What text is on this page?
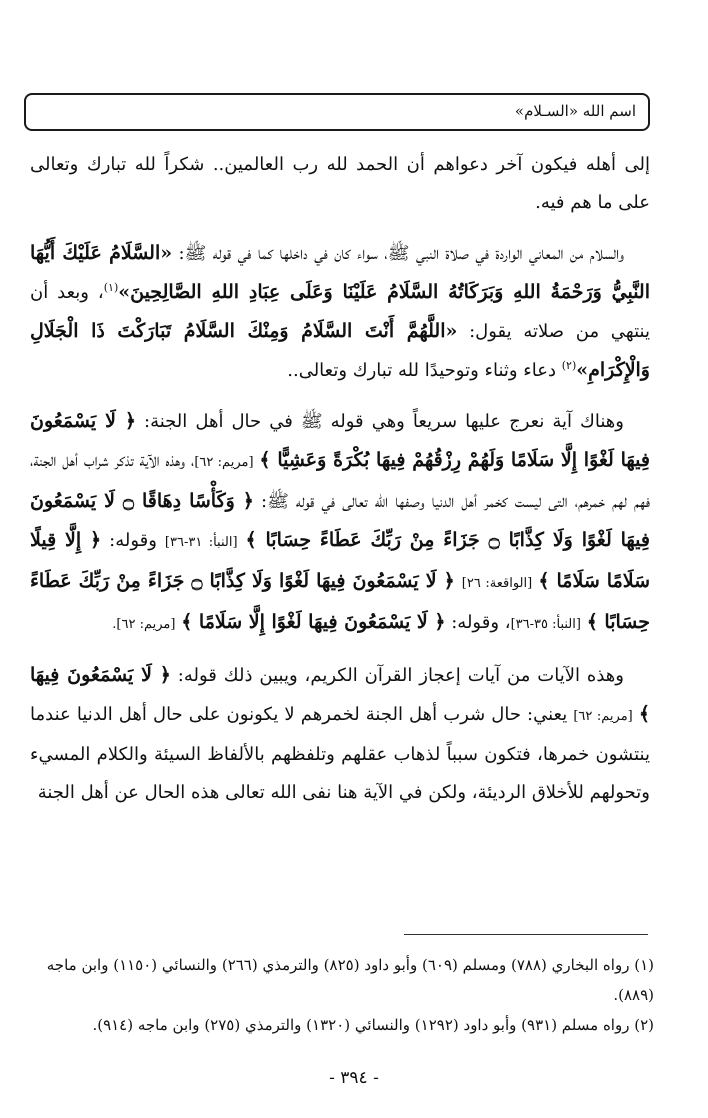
اسم الله «السـلام»

إلى أهله فيكون آخر دعواهم أن الحمد لله رب العالمين.. شكراً لله تبارك وتعالى على ما هم فيه.

والسلام من المعاني الواردة في صلاة النبي ﷺ، سواء كان في داخلها كما في قوله ﷺ: «السَّلَامُ عَلَيْكَ أَيُّهَا النَّبِيُّ وَرَحْمَةُ اللهِ وَبَرَكَاتُهُ السَّلَامُ عَلَيْنَا وَعَلَى عِبَادِ اللهِ الصَّالِحِينَ»$^{(١)}$، وبعد أن ينتهي من صلاته يقول: «اللَّهُمَّ أَنْتَ السَّلَامُ وَمِنْكَ السَّلَامُ تَبَارَكْتَ ذَا الْجَلَالِ وَالْإِكْرَامِ»$^{(٢)}$ دعاء وثناء وتوحيدًا لله تبارك وتعالى..

وهناك آية نعرج عليها سريعاً وهي قوله ﷺ في حال أهل الجنة: ﴿ لَا يَسْمَعُونَ فِيهَا لَغْوًا إِلَّا سَلَامًا وَلَهُمْ رِزْقُهُمْ فِيهَا بُكْرَةً وَعَشِيًّا ﴾ [مريم: ٦٢]، وهذه الآية تذكر شراب أهل الجنة، فهم لهم خمرهم، التى ليست كخمر أهل الدنيا وصفها الله تعالى في قوله ﷺ: ﴿ وَكَأْسًا دِهَاقًا ۝ لَا يَسْمَعُونَ فِيهَا لَغْوًا وَلَا كِذَّابًا ۝ جَزَاءً مِنْ رَبِّكَ عَطَاءً حِسَابًا ﴾ [النبأ: ٣١-٣٦] وقوله: ﴿ إِلَّا قِيلًا سَلَامًا سَلَامًا ﴾ [الواقعة: ٢٦] ﴿ لَا يَسْمَعُونَ فِيهَا لَغْوًا وَلَا كِذَّابًا ۝ جَزَاءً مِنْ رَبِّكَ عَطَاءً حِسَابًا ﴾ [النبأ: ٣٥-٣٦]، وقوله: ﴿ لَا يَسْمَعُونَ فِيهَا لَغْوًا إِلَّا سَلَامًا ﴾ [مريم: ٦٢].

وهذه الآيات من آيات إعجاز القرآن الكريم، ويبين ذلك قوله: ﴿ لَا يَسْمَعُونَ فِيهَا ﴾ [مريم: ٦٢] يعني: حال شرب أهل الجنة لخمرهم لا يكونون على حال أهل الدنيا عندما ينتشون خمرها، فتكون سبباً لذهاب عقلهم وتلفظهم بالألفاظ السيئة والكلام المسيء وتحولهم للأخلاق الرديئة، ولكن في الآية هنا نفى الله تعالى هذه الحال عن أهل الجنة

(١) رواه البخاري (٧٨٨) ومسلم (٦٠٩) وأبو داود (٨٢٥) والترمذي (٢٦٦) والنسائي (١١٥٠) وابن ماجه (٨٨٩).

(٢) رواه مسلم (٩٣١) وأبو داود (١٢٩٢) والنسائي (١٣٢٠) والترمذي (٢٧٥) وابن ماجه (٩١٤).

- ٣٩٤ -
